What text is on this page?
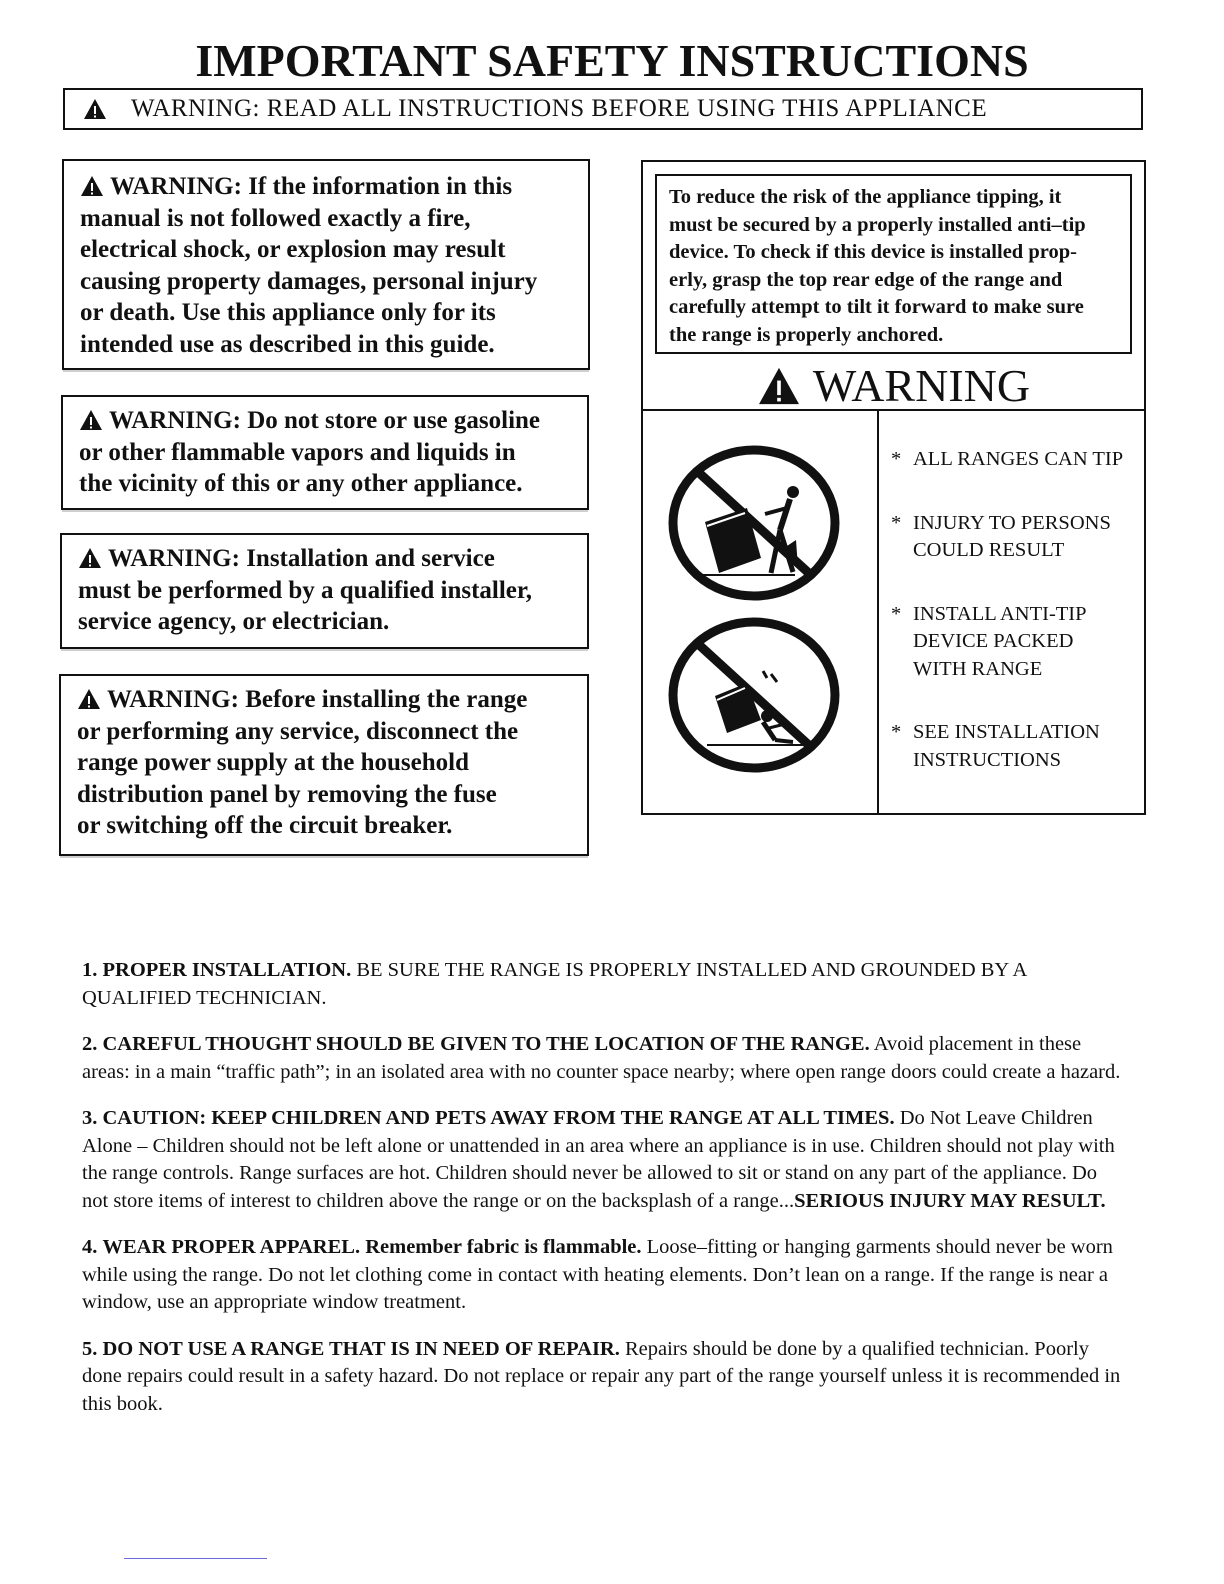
IMPORTANT SAFETY INSTRUCTIONS
WARNING: READ ALL INSTRUCTIONS BEFORE USING THIS APPLIANCE
WARNING: If the information in this
manual is not followed exactly a fire,
electrical shock, or explosion may result
causing property damages, personal injury
or death. Use this appliance only for its
intended use as described in this guide.
WARNING: Do not store or use gasoline
or other flammable vapors and liquids in
the vicinity of this or any other appliance.
WARNING: Installation and service
must be performed by a qualified installer,
service agency, or electrician.
WARNING: Before installing the range
or performing any service, disconnect the
range power supply at the household
distribution panel by removing the fuse
or switching off the circuit breaker.
To reduce the risk of the appliance tipping, it
must be secured by a properly installed anti–tip
device. To check if this device is installed prop-
erly, grasp the top rear edge of the range and
carefully attempt to tilt it forward to make sure
the range is properly anchored.
WARNING
* ALL RANGES CAN TIP
* INJURY TO PERSONS
COULD RESULT
* INSTALL ANTI-TIP
DEVICE PACKED
WITH RANGE
* SEE INSTALLATION
INSTRUCTIONS
1. PROPER INSTALLATION. BE SURE THE RANGE IS PROPERLY INSTALLED AND GROUNDED BY A QUALIFIED TECHNICIAN.
2. CAREFUL THOUGHT SHOULD BE GIVEN TO THE LOCATION OF THE RANGE. Avoid placement in these areas: in a main “traffic path”; in an isolated area with no counter space nearby; where open range doors could create a hazard.
3. CAUTION: KEEP CHILDREN AND PETS AWAY FROM THE RANGE AT ALL TIMES. Do Not Leave Children Alone – Children should not be left alone or unattended in an area where an appliance is in use. Children should not play with the range controls. Range surfaces are hot. Children should never be allowed to sit or stand on any part of the appliance. Do not store items of interest to children above the range or on the backsplash of a range...SERIOUS INJURY MAY RESULT.
4. WEAR PROPER APPAREL. Remember fabric is flammable. Loose–fitting or hanging garments should never be worn while using the range. Do not let clothing come in contact with heating elements. Don’t lean on a range. If the range is near a window, use an appropriate window treatment.
5. DO NOT USE A RANGE THAT IS IN NEED OF REPAIR. Repairs should be done by a qualified technician. Poorly done repairs could result in a safety hazard. Do not replace or repair any part of the range yourself unless it is recommended in this book.
